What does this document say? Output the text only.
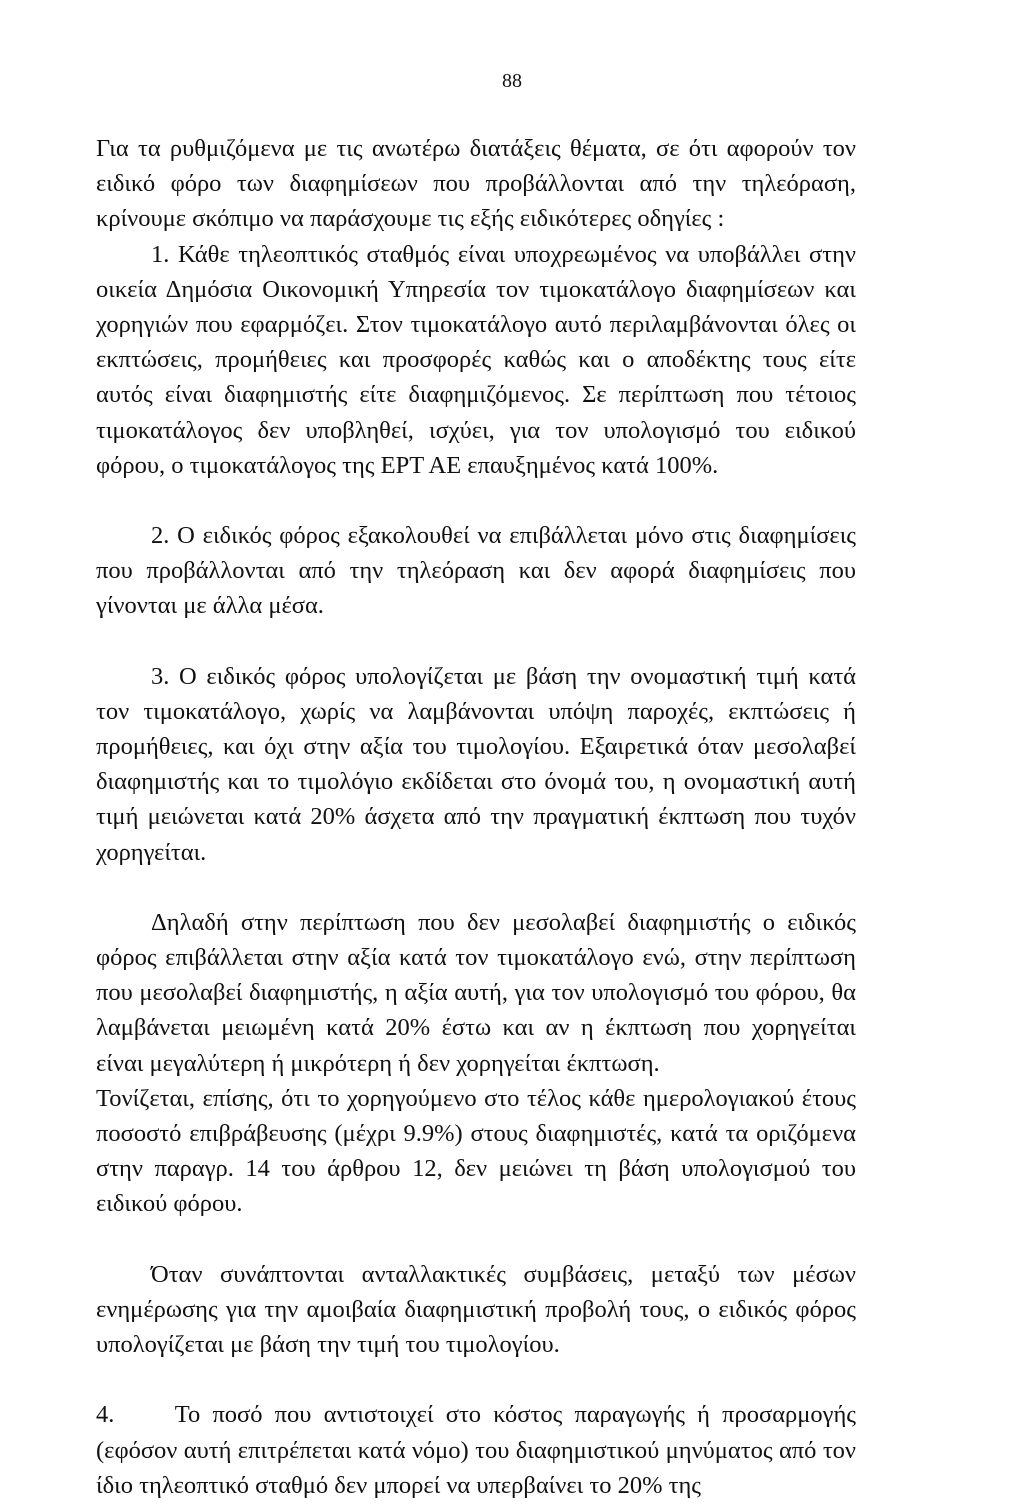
88

Για τα ρυθμιζόμενα με τις ανωτέρω διατάξεις θέματα, σε ότι αφορούν τον ειδικό φόρο των διαφημίσεων που προβάλλονται από την τηλεόραση, κρίνουμε σκόπιμο να παράσχουμε τις εξής ειδικότερες οδηγίες :

1. Κάθε τηλεοπτικός σταθμός είναι υποχρεωμένος να υποβάλλει στην οικεία Δημόσια Οικονομική Υπηρεσία τον τιμοκατάλογο διαφημίσεων και χορηγιών που εφαρμόζει. Στον τιμοκατάλογο αυτό περιλαμβάνονται όλες οι εκπτώσεις, προμήθειες και προσφορές καθώς και ο αποδέκτης τους είτε αυτός είναι διαφημιστής είτε διαφημιζόμενος. Σε περίπτωση που τέτοιος τιμοκατάλογος δεν υποβληθεί, ισχύει, για τον υπολογισμό του ειδικού φόρου, ο τιμοκατάλογος της ΕΡΤ ΑΕ επαυξημένος κατά 100%.

2. Ο ειδικός φόρος εξακολουθεί να επιβάλλεται μόνο στις διαφημίσεις που προβάλλονται από την τηλεόραση και δεν αφορά διαφημίσεις που γίνονται με άλλα μέσα.

3. Ο ειδικός φόρος υπολογίζεται με βάση την ονομαστική τιμή κατά τον τιμοκατάλογο, χωρίς να λαμβάνονται υπόψη παροχές, εκπτώσεις ή προμήθειες, και όχι στην αξία του τιμολογίου. Εξαιρετικά όταν μεσολαβεί διαφημιστής και το τιμολόγιο εκδίδεται στο όνομά του, η ονομαστική αυτή τιμή μειώνεται κατά 20% άσχετα από την πραγματική έκπτωση που τυχόν χορηγείται.

Δηλαδή στην περίπτωση που δεν μεσολαβεί διαφημιστής ο ειδικός φόρος επιβάλλεται στην αξία κατά τον τιμοκατάλογο ενώ, στην περίπτωση που μεσολαβεί διαφημιστής, η αξία αυτή, για τον υπολογισμό του φόρου, θα λαμβάνεται μειωμένη κατά 20% έστω και αν η έκπτωση που χορηγείται είναι μεγαλύτερη ή μικρότερη ή δεν χορηγείται έκπτωση.

Τονίζεται, επίσης, ότι το χορηγούμενο στο τέλος κάθε ημερολογιακού έτους ποσοστό επιβράβευσης (μέχρι 9.9%) στους διαφημιστές, κατά τα οριζόμενα στην παραγρ. 14 του άρθρου 12, δεν μειώνει τη βάση υπολογισμού του ειδικού φόρου.

Όταν συνάπτονται ανταλλακτικές συμβάσεις, μεταξύ των μέσων ενημέρωσης για την αμοιβαία διαφημιστική προβολή τους, ο ειδικός φόρος υπολογίζεται με βάση την τιμή του τιμολογίου.

4.     Το ποσό που αντιστοιχεί στο κόστος παραγωγής ή προσαρμογής (εφόσον αυτή επιτρέπεται κατά νόμο) του διαφημιστικού μηνύματος από τον ίδιο τηλεοπτικό σταθμό δεν μπορεί να υπερβαίνει το 20% της
